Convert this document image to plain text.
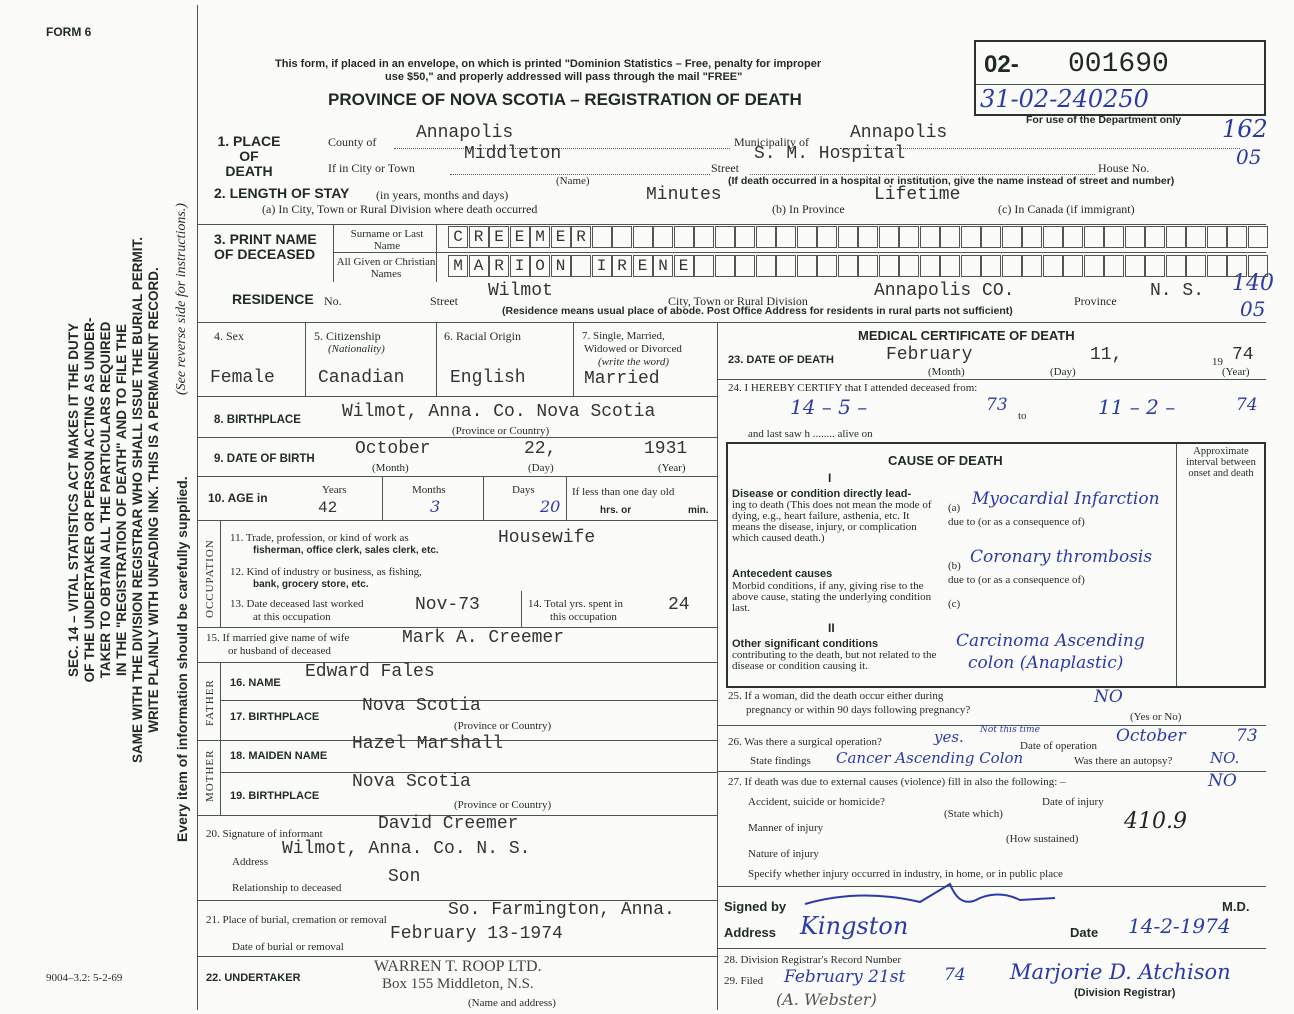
FORM 6
9004–3.2: 5-2-69
SEC. 14 – VITAL STATISTICS ACT MAKES IT THE DUTY OF THE UNDERTAKER OR PERSON ACTING AS UNDER- TAKER TO OBTAIN ALL THE PARTICULARS REQUIRED IN THE "REGISTRATION OF DEATH" AND TO FILE THE SAME WITH THE DIVISION REGISTRAR WHO SHALL ISSUE THE BURIAL PERMIT. WRITE PLAINLY WITH UNFADING INK. THIS IS A PERMANENT RECORD. Every item of information should be carefully supplied.
(See reverse side for instructions.)
This form, if placed in an envelope, on which is printed "Dominion Statistics – Free, penalty for improper
use $50," and properly addressed will pass through the mail "FREE"
PROVINCE OF NOVA SCOTIA – REGISTRATION OF DEATH
02- 001690
31-02-240250
For use of the Department only 162
05
140
05
1. PLACE OF DEATH
County of Annapolis	Municipality of Annapolis
If in City or Town
Middleton
(Name)
Street
S. M. Hospital
House No.
(If death occurred in a hospital or institution, give the name instead of street and number)
2. LENGTH OF STAY (in years, months and days)
(a) In City, Town or Rural Division where death occurred
Minutes
(b) In Province
Lifetime
(c) In Canada (if immigrant)
3. PRINT NAME OF DECEASED
Surname or Last Name
All Given or Christian Names
C R E E M E R
M A R I O N	I R E N E
RESIDENCE No.	Street Wilmot	City, Town or Rural Division	Annapolis CO.	Province N. S.
(Residence means usual place of abode. Post Office Address for residents in rural parts not sufficient)
4. Sex
Female
5. Citizenship
(Nationality)
Canadian
6. Racial Origin
English
7. Single, Married,
Widowed or Divorced
(write the word)
Married
8. BIRTHPLACE Wilmot, Anna. Co. Nova Scotia
(Province or Country)
9. DATE OF BIRTH October	22,	1931
(Month)	(Day)	(Year)
10. AGE in
Years
42
Months
3
Days
20
If less than one day old
hrs. or	min.
OCCUPATION
11. Trade, profession, or kind of work as
fisherman, office clerk, sales clerk, etc.
Housewife
12. Kind of industry or business, as fishing,
bank, grocery store, etc.
13. Date deceased last worked
at this occupation
Nov-73	14. Total yrs. spent in
this occupation
24
15. If married give name of wife
or husband of deceased
Mark A. Creemer
FATHER 16. NAME
Edward Fales
17. BIRTHPLACE
Nova Scotia
(Province or Country)
MOTHER 18. MAIDEN NAME
Hazel Marshall
19. BIRTHPLACE
Nova Scotia
(Province or Country)
20. Signature of informant	David Creemer
Address
Wilmot, Anna. Co. N. S.
Relationship to deceased
Son
21. Place of burial, cremation or removal	So. Farmington, Anna.
Date of burial or removal
February 13-1974
22. UNDERTAKER
WARREN T. ROOP LTD.
Box 155 Middleton, N.S.
(Name and address)
MEDICAL CERTIFICATE OF DEATH
23. DATE OF DEATH	February	11,	19 74
(Month)	(Day)	(Year)
24. I HEREBY CERTIFY that I attended deceased from:
14 – 5 –	73
to	11 – 2 –	74
and last saw h ........ alive on
CAUSE OF DEATH
Approximate interval between onset and death
I
Disease or condition directly lead-
ing to death (This does not mean the mode of dying, e.g., heart failure, asthenia, etc. It means the disease, injury, or complication which caused death.)
(a) Myocardial Infarction
due to (or as a consequence of)
Antecedent causes
Morbid conditions, if any, giving rise to the above cause, stating the underlying condition last.
(b) Coronary thrombosis
due to (or as a consequence of)
(c)
II
Other significant conditions
contributing to the death, but not related to the disease or condition causing it.
Carcinoma Ascending
colon (Anaplastic)
25. If a woman, did the death occur either during
pregnancy or within 90 days following pregnancy?
NO
(Yes or No)
26. Was there a surgical operation?	yes. Not this time
Date of operation October	73
State findings Cancer Ascending Colon	Was there an autopsy?	NO.
27. If death was due to external causes (violence) fill in also the following: –	NO
Accident, suicide or homicide?
(State which)
Date of injury
Manner of injury
(How sustained)
410.9
Nature of injury
Specify whether injury occurred in industry, in home, or in public place
Signed by	M.D.
Address Kingston	Date 14-2-1974
28. Division Registrar's Record Number
29. Filed February 21st 74 Marjorie D. Atchison
(Division Registrar)
(A. Webster)
